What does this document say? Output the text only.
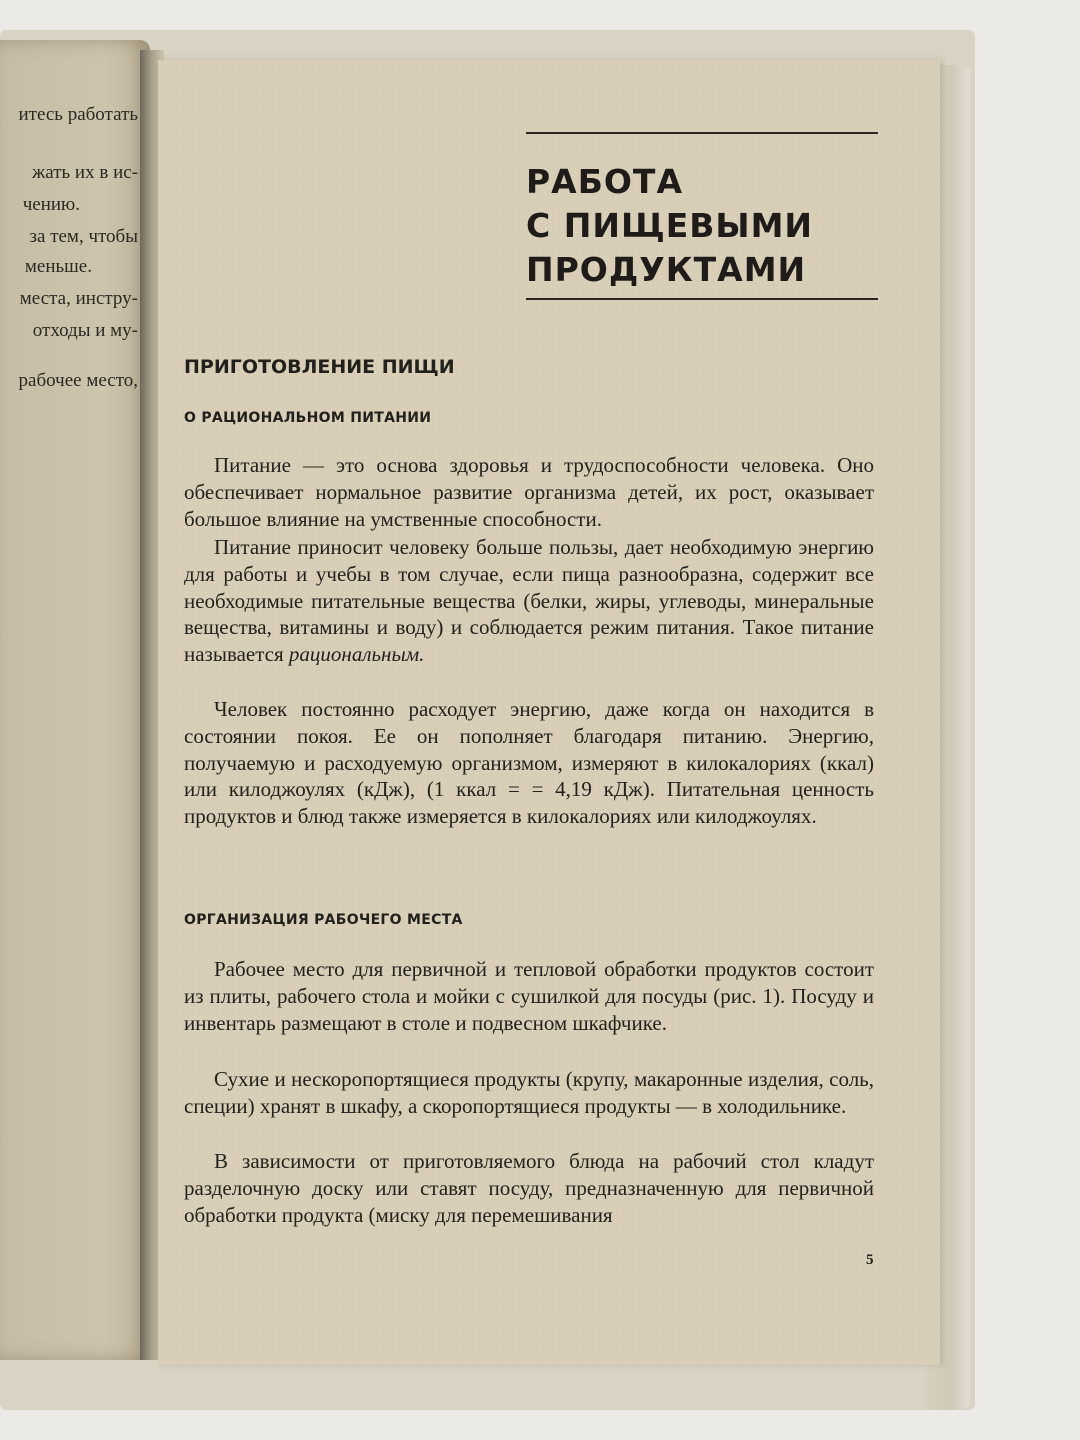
итесь работать
жать их в ис-
чению.
за тем, чтобы
меньше.
места, инстру-
отходы и му-
рабочее место,
РАБОТА
С ПИЩЕВЫМИ
ПРОДУКТАМИ
ПРИГОТОВЛЕНИЕ ПИЩИ
О РАЦИОНАЛЬНОМ ПИТАНИИ
Питание — это основа здоровья и трудоспособности человека. Оно обеспечивает нормальное развитие организма детей, их рост, оказывает большое влияние на умственные способности.
Питание приносит человеку больше пользы, дает необходимую энергию для работы и учебы в том случае, если пища разнообразна, содержит все необходимые питательные вещества (белки, жиры, углеводы, минеральные вещества, витамины и воду) и соблюдается режим питания. Такое питание называется рациональным.
Человек постоянно расходует энергию, даже когда он находится в состоянии покоя. Ее он пополняет благодаря питанию. Энергию, получаемую и расходуемую организмом, измеряют в килокалориях (ккал) или килоджоулях (кДж), (1 ккал = = 4,19 кДж). Питательная ценность продуктов и блюд также измеряется в килокалориях или килоджоулях.
ОРГАНИЗАЦИЯ РАБОЧЕГО МЕСТА
Рабочее место для первичной и тепловой обработки продуктов состоит из плиты, рабочего стола и мойки с сушилкой для посуды (рис. 1). Посуду и инвентарь размещают в столе и подвесном шкафчике.
Сухие и нескоропортящиеся продукты (крупу, макаронные изделия, соль, специи) хранят в шкафу, а скоропортящиеся продукты — в холодильнике.
В зависимости от приготовляемого блюда на рабочий стол кладут разделочную доску или ставят посуду, предназначенную для первичной обработки продукта (миску для перемешивания
5
